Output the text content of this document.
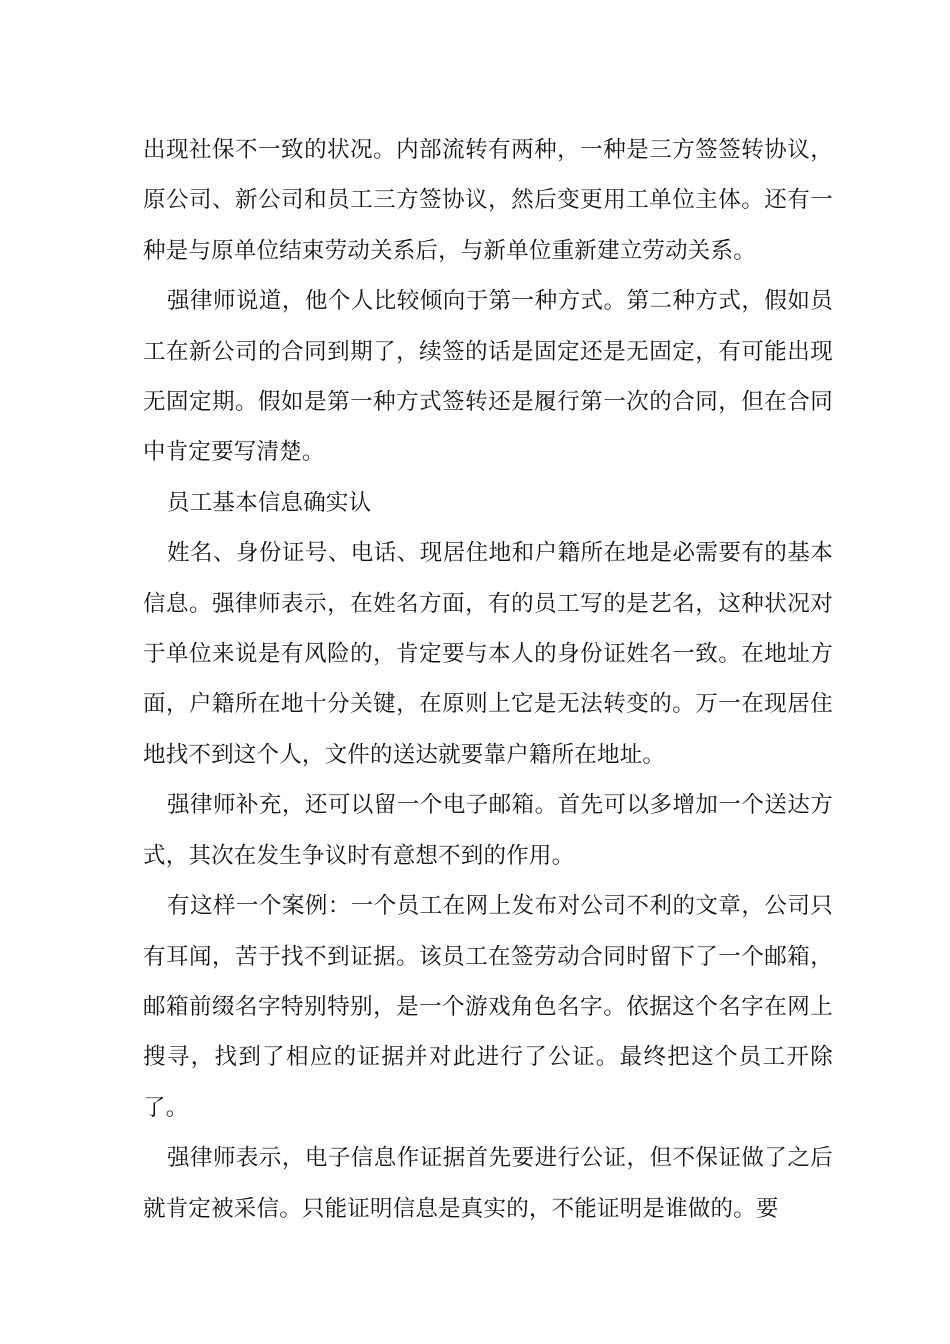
出现社保不一致的状况。内部流转有两种，一种是三方签签转协议，原公司、新公司和员工三方签协议，然后变更用工单位主体。还有一种是与原单位结束劳动关系后，与新单位重新建立劳动关系。

强律师说道，他个人比较倾向于第一种方式。第二种方式，假如员工在新公司的合同到期了，续签的话是固定还是无固定，有可能出现无固定期。假如是第一种方式签转还是履行第一次的合同，但在合同中肯定要写清楚。

员工基本信息确实认

姓名、身份证号、电话、现居住地和户籍所在地是必需要有的基本信息。强律师表示，在姓名方面，有的员工写的是艺名，这种状况对于单位来说是有风险的，肯定要与本人的身份证姓名一致。在地址方面，户籍所在地十分关键，在原则上它是无法转变的。万一在现居住地找不到这个人，文件的送达就要靠户籍所在地址。

强律师补充，还可以留一个电子邮箱。首先可以多增加一个送达方式，其次在发生争议时有意想不到的作用。

有这样一个案例：一个员工在网上发布对公司不利的文章，公司只有耳闻，苦于找不到证据。该员工在签劳动合同时留下了一个邮箱，邮箱前缀名字特别特别，是一个游戏角色名字。依据这个名字在网上搜寻，找到了相应的证据并对此进行了公证。最终把这个员工开除了。

强律师表示，电子信息作证据首先要进行公证，但不保证做了之后就肯定被采信。只能证明信息是真实的，不能证明是谁做的。要
